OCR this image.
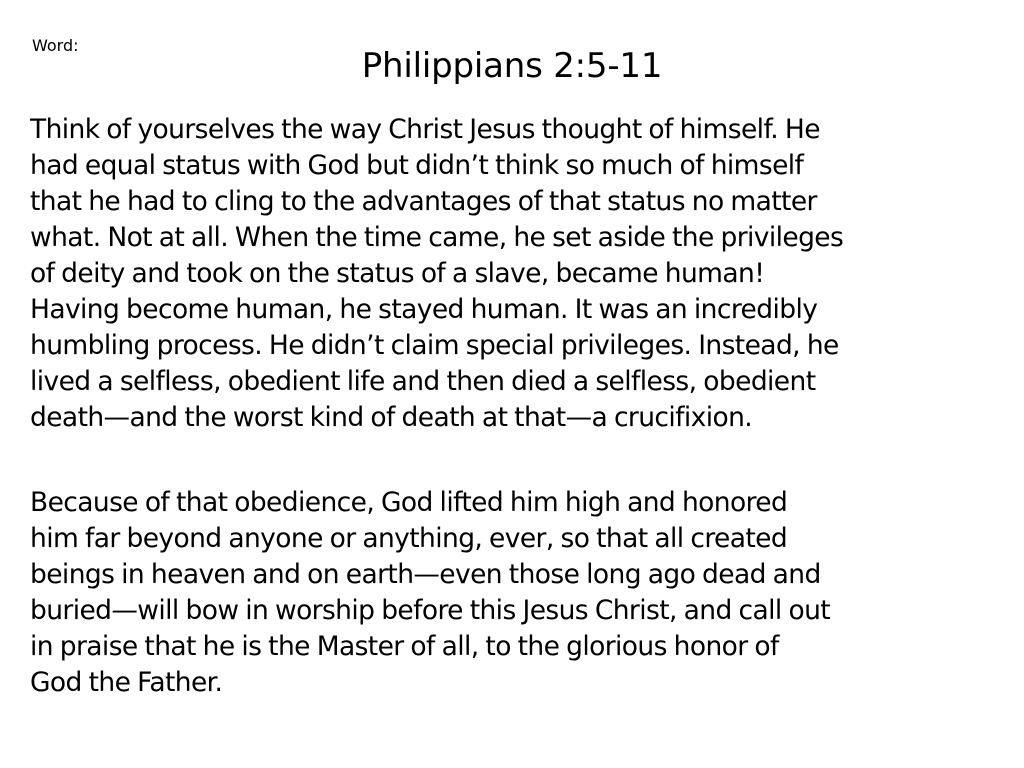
Word:
Philippians 2:5-11

Think of yourselves the way Christ Jesus thought of himself. He
had equal status with God but didn’t think so much of himself
that he had to cling to the advantages of that status no matter
what. Not at all. When the time came, he set aside the privileges
of deity and took on the status of a slave, became human!
Having become human, he stayed human. It was an incredibly
humbling process. He didn’t claim special privileges. Instead, he
lived a selfless, obedient life and then died a selfless, obedient
death—and the worst kind of death at that—a crucifixion.

Because of that obedience, God lifted him high and honored
him far beyond anyone or anything, ever, so that all created
beings in heaven and on earth—even those long ago dead and
buried—will bow in worship before this Jesus Christ, and call out
in praise that he is the Master of all, to the glorious honor of
God the Father.
